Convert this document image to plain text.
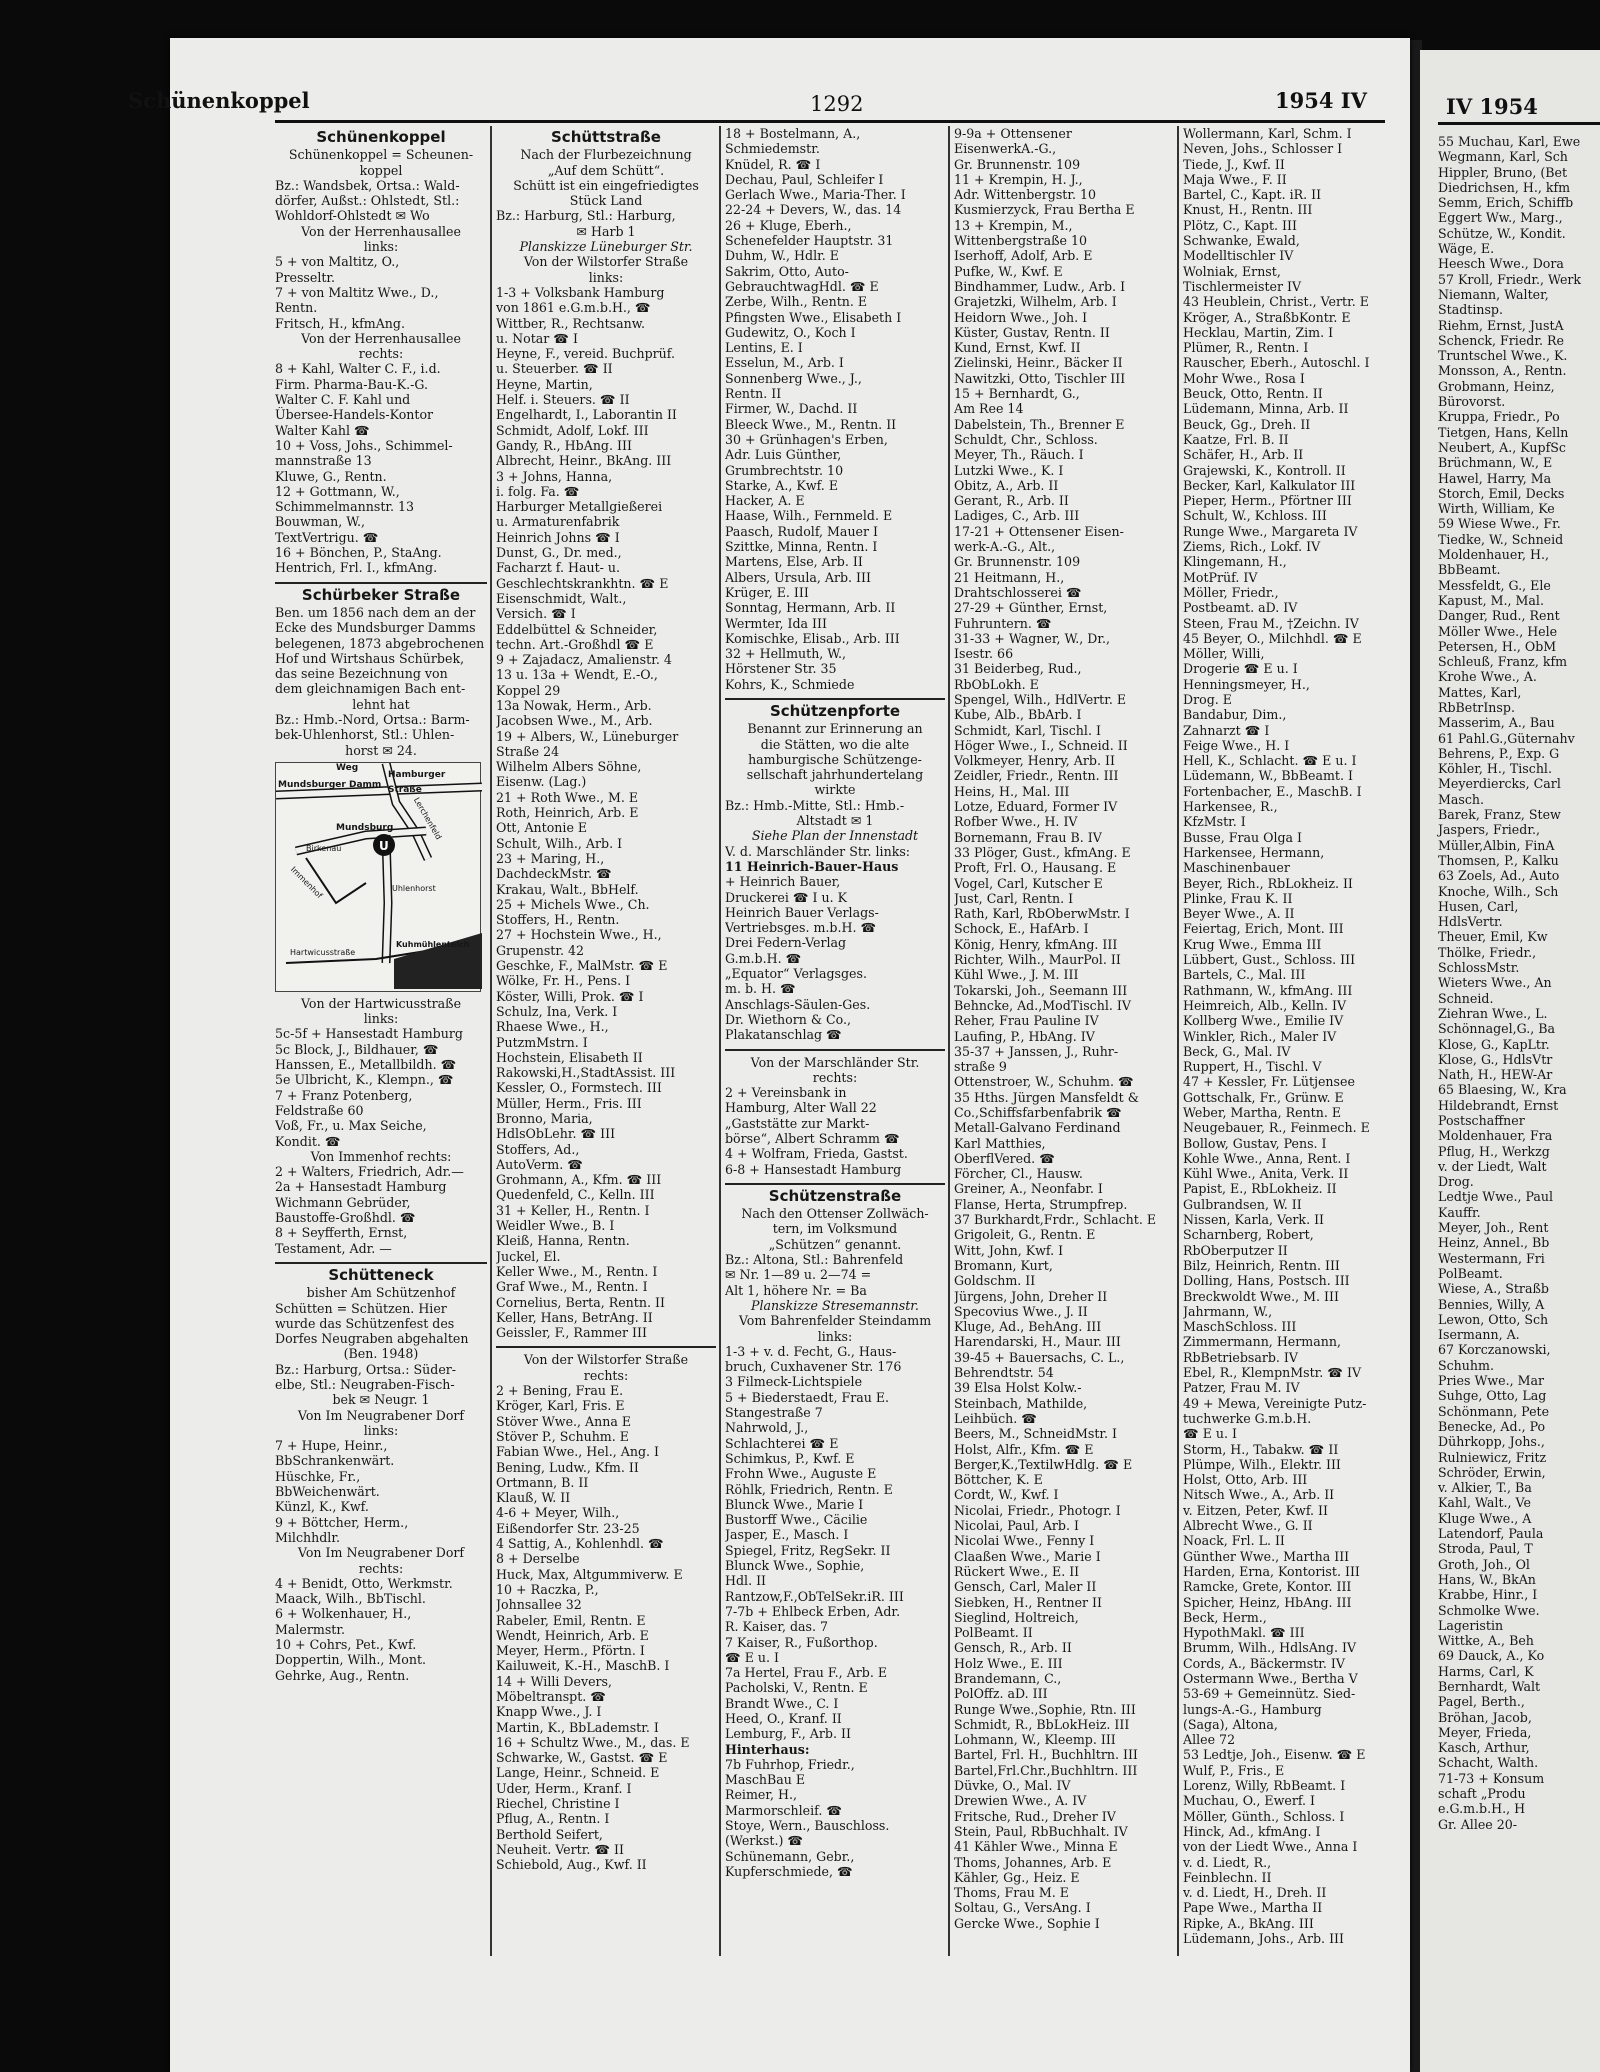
Schünenkoppel	1292	1954 IV
Schünenkoppel
Schünenkoppel = Scheunen-
koppel
Bz.: Wandsbek, Ortsa.: Wald-
dörfer, Außst.: Ohlstedt, Stl.:
Wohldorf-Ohlstedt ✉ Wo
Von der Herrenhausallee
links:
5 + von Maltitz, O.,
Presseltr.
7 + von Maltitz Wwe., D.,
Rentn.
Fritsch, H., kfmAng.
Von der Herrenhausallee
rechts:
8 + Kahl, Walter C. F., i.d.
Firm. Pharma-Bau-K.-G.
Walter C. F. Kahl und
Übersee-Handels-Kontor
Walter Kahl ☎
10 + Voss, Johs., Schimmel-
mannstraße 13
Kluwe, G., Rentn.
12 + Gottmann, W.,
Schimmelmannstr. 13
Bouwman, W.,
TextVertrigu. ☎
16 + Bönchen, P., StaAng.
Hentrich, Frl. I., kfmAng.
Schürbeker Straße
Ben. um 1856 nach dem an der
Ecke des Mundsburger Damms
belegenen, 1873 abgebrochenen
Hof und Wirtshaus Schürbek,
das seine Bezeichnung von
dem gleichnamigen Bach ent-
lehnt hat
Bz.: Hmb.-Nord, Ortsa.: Barm-
bek-Uhlenhorst, Stl.: Uhlen-
horst ✉ 24.
U
Mundsburger Damm
Hamburger Straße
Weg
Lerchenfeld
Mundsburg
Birkenau
Immenhof	Uhlenhorst
Hartwicusstraße
Kuhmühlenteich
Von der Hartwicusstraße
links:
5c-5f + Hansestadt Hamburg
5c Block, J., Bildhauer, ☎
Hanssen, E., Metallbildh. ☎
5e Ulbricht, K., Klempn., ☎
7 + Franz Potenberg,
Feldstraße 60
Voß, Fr., u. Max Seiche,
Kondit. ☎
Von Immenhof rechts:
2 + Walters, Friedrich, Adr.—
2a + Hansestadt Hamburg
Wichmann Gebrüder,
Baustoffe-Großhdl. ☎
8 + Seyfferth, Ernst,
Testament, Adr. —
Schütteneck
bisher Am Schützenhof
Schütten = Schützen. Hier
wurde das Schützenfest des
Dorfes Neugraben abgehalten
(Ben. 1948)
Bz.: Harburg, Ortsa.: Süder-
elbe, Stl.: Neugraben-Fisch-
bek ✉ Neugr. 1
Von Im Neugrabener Dorf
links:
7 + Hupe, Heinr.,
BbSchrankenwärt.
Hüschke, Fr.,
BbWeichenwärt.
Künzl, K., Kwf.
9 + Böttcher, Herm.,
Milchhdlr.
Von Im Neugrabener Dorf
rechts:
4 + Benidt, Otto, Werkmstr.
Maack, Wilh., BbTischl.
6 + Wolkenhauer, H.,
Malermstr.
10 + Cohrs, Pet., Kwf.
Doppertin, Wilh., Mont.
Gehrke, Aug., Rentn.
Schüttstraße
Nach der Flurbezeichnung
„Auf dem Schütt“.
Schütt ist ein eingefriedigtes
Stück Land
Bz.: Harburg, Stl.: Harburg,
✉ Harb 1
Planskizze Lüneburger Str.
Von der Wilstorfer Straße
links:
1-3 + Volksbank Hamburg
von 1861 e.G.m.b.H., ☎
Wittber, R., Rechtsanw.
u. Notar ☎ I
Heyne, F., vereid. Buchprüf.
u. Steuerber. ☎ II
Heyne, Martin,
Helf. i. Steuers. ☎ II
Engelhardt, I., Laborantin II
Schmidt, Adolf, Lokf. III
Gandy, R., HbAng. III
Albrecht, Heinr., BkAng. III
3 + Johns, Hanna,
i. folg. Fa. ☎
Harburger Metallgießerei
u. Armaturenfabrik
Heinrich Johns ☎ I
Dunst, G., Dr. med.,
Facharzt f. Haut- u.
Geschlechtskrankhtn. ☎ E
Eisenschmidt, Walt.,
Versich. ☎ I
Eddelbüttel & Schneider,
techn. Art.-Großhdl ☎ E
9 + Zajadacz, Amalienstr. 4
13 u. 13a + Wendt, E.-O.,
Koppel 29
13a Nowak, Herm., Arb.
Jacobsen Wwe., M., Arb.
19 + Albers, W., Lüneburger
Straße 24
Wilhelm Albers Söhne,
Eisenw. (Lag.)
21 + Roth Wwe., M. E
Roth, Heinrich, Arb. E
Ott, Antonie E
Schult, Wilh., Arb. I
23 + Maring, H.,
DachdeckMstr. ☎
Krakau, Walt., BbHelf.
25 + Michels Wwe., Ch.
Stoffers, H., Rentn.
27 + Hochstein Wwe., H.,
Grupenstr. 42
Geschke, F., MalMstr. ☎ E
Wölke, Fr. H., Pens. I
Köster, Willi, Prok. ☎ I
Schulz, Ina, Verk. I
Rhaese Wwe., H.,
PutzmMstrn. I
Hochstein, Elisabeth II
Rakowski,H.,StadtAssist. III
Kessler, O., Formstech. III
Müller, Herm., Fris. III
Bronno, Maria,
HdlsObLehr. ☎ III
Stoffers, Ad.,
AutoVerm. ☎
Grohmann, A., Kfm. ☎ III
Quedenfeld, C., Kelln. III
31 + Keller, H., Rentn. I
Weidler Wwe., B. I
Kleiß, Hanna, Rentn.
Juckel, El.
Keller Wwe., M., Rentn. I
Graf Wwe., M., Rentn. I
Cornelius, Berta, Rentn. II
Keller, Hans, BetrAng. II
Geissler, F., Rammer III
Von der Wilstorfer Straße
rechts:
2 + Bening, Frau E.
Kröger, Karl, Fris. E
Stöver Wwe., Anna E
Stöver P., Schuhm. E
Fabian Wwe., Hel., Ang. I
Bening, Ludw., Kfm. II
Ortmann, B. II
Klauß, W. II
4-6 + Meyer, Wilh.,
Eißendorfer Str. 23-25
4 Sattig, A., Kohlenhdl. ☎
8 + Derselbe
Huck, Max, Altgummiverw. E
10 + Raczka, P.,
Johnsallee 32
Rabeler, Emil, Rentn. E
Wendt, Heinrich, Arb. E
Meyer, Herm., Pförtn. I
Kailuweit, K.-H., MaschB. I
14 + Willi Devers,
Möbeltranspt. ☎
Knapp Wwe., J. I
Martin, K., BbLademstr. I
16 + Schultz Wwe., M., das. E
Schwarke, W., Gastst. ☎ E
Lange, Heinr., Schneid. E
Uder, Herm., Kranf. I
Riechel, Christine I
Pflug, A., Rentn. I
Berthold Seifert,
Neuheit. Vertr. ☎ II
Schiebold, Aug., Kwf. II
18 + Bostelmann, A.,
Schmiedemstr.
Knüdel, R. ☎ I
Dechau, Paul, Schleifer I
Gerlach Wwe., Maria-Ther. I
22-24 + Devers, W., das. 14
26 + Kluge, Eberh.,
Schenefelder Hauptstr. 31
Duhm, W., Hdlr. E
Sakrim, Otto, Auto-
GebrauchtwagHdl. ☎ E
Zerbe, Wilh., Rentn. E
Pfingsten Wwe., Elisabeth I
Gudewitz, O., Koch I
Lentins, E. I
Esselun, M., Arb. I
Sonnenberg Wwe., J.,
Rentn. II
Firmer, W., Dachd. II
Bleeck Wwe., M., Rentn. II
30 + Grünhagen's Erben,
Adr. Luis Günther,
Grumbrechtstr. 10
Starke, A., Kwf. E
Hacker, A. E
Haase, Wilh., Fernmeld. E
Paasch, Rudolf, Mauer I
Szittke, Minna, Rentn. I
Martens, Else, Arb. II
Albers, Ursula, Arb. III
Krüger, E. III
Sonntag, Hermann, Arb. II
Wermter, Ida III
Komischke, Elisab., Arb. III
32 + Hellmuth, W.,
Hörstener Str. 35
Kohrs, K., Schmiede
Schützenpforte
Benannt zur Erinnerung an
die Stätten, wo die alte
hamburgische Schützenge-
sellschaft jahrhundertelang
wirkte
Bz.: Hmb.-Mitte, Stl.: Hmb.-
Altstadt ✉ 1
Siehe Plan der Innenstadt
V. d. Marschländer Str. links:
11 Heinrich-Bauer-Haus
+ Heinrich Bauer,
Druckerei ☎ I u. K
Heinrich Bauer Verlags-
Vertriebsges. m.b.H. ☎
Drei Federn-Verlag
G.m.b.H. ☎
„Equator“ Verlagsges.
m. b. H. ☎
Anschlags-Säulen-Ges.
Dr. Wiethorn & Co.,
Plakatanschlag ☎
Von der Marschländer Str.
rechts:
2 + Vereinsbank in
Hamburg, Alter Wall 22
„Gaststätte zur Markt-
börse“, Albert Schramm ☎
4 + Wolfram, Frieda, Gastst.
6-8 + Hansestadt Hamburg
Schützenstraße
Nach den Ottenser Zollwäch-
tern, im Volksmund
„Schützen“ genannt.
Bz.: Altona, Stl.: Bahrenfeld
✉ Nr. 1—89 u. 2—74 =
Alt 1, höhere Nr. = Ba
Planskizze Stresemannstr.
Vom Bahrenfelder Steindamm
links:
1-3 + v. d. Fecht, G., Haus-
bruch, Cuxhavener Str. 176
3 Filmeck-Lichtspiele
5 + Biederstaedt, Frau E.
Stangestraße 7
Nahrwold, J.,
Schlachterei ☎ E
Schimkus, P., Kwf. E
Frohn Wwe., Auguste E
Röhlk, Friedrich, Rentn. E
Blunck Wwe., Marie I
Bustorff Wwe., Cäcilie
Jasper, E., Masch. I
Spiegel, Fritz, RegSekr. II
Blunck Wwe., Sophie,
Hdl. II
Rantzow,F.,ObTelSekr.iR. III
7-7b + Ehlbeck Erben, Adr.
R. Kaiser, das. 7
7 Kaiser, R., Fußorthop.
☎ E u. I
7a Hertel, Frau F., Arb. E
Pacholski, V., Rentn. E
Brandt Wwe., C. I
Heed, O., Kranf. II
Lemburg, F., Arb. II
Hinterhaus:
7b Fuhrhop, Friedr.,
MaschBau E
Reimer, H.,
Marmorschleif. ☎
Stoye, Wern., Bauschloss.
(Werkst.) ☎
Schünemann, Gebr.,
Kupferschmiede, ☎
9-9a + Ottensener
EisenwerkA.-G.,
Gr. Brunnenstr. 109
11 + Krempin, H. J.,
Adr. Wittenbergstr. 10
Kusmierzyck, Frau Bertha E
13 + Krempin, M.,
Wittenbergstraße 10
Iserhoff, Adolf, Arb. E
Pufke, W., Kwf. E
Bindhammer, Ludw., Arb. I
Grajetzki, Wilhelm, Arb. I
Heidorn Wwe., Joh. I
Küster, Gustav, Rentn. II
Kund, Ernst, Kwf. II
Zielinski, Heinr., Bäcker II
Nawitzki, Otto, Tischler III
15 + Bernhardt, G.,
Am Ree 14
Dabelstein, Th., Brenner E
Schuldt, Chr., Schloss.
Meyer, Th., Räuch. I
Lutzki Wwe., K. I
Obitz, A., Arb. II
Gerant, R., Arb. II
Ladiges, C., Arb. III
17-21 + Ottensener Eisen-
werk-A.-G., Alt.,
Gr. Brunnenstr. 109
21 Heitmann, H.,
Drahtschlosserei ☎
27-29 + Günther, Ernst,
Fuhruntern. ☎
31-33 + Wagner, W., Dr.,
Isestr. 66
31 Beiderbeg, Rud.,
RbObLokh. E
Spengel, Wilh., HdlVertr. E
Kube, Alb., BbArb. I
Schmidt, Karl, Tischl. I
Höger Wwe., I., Schneid. II
Volkmeyer, Henry, Arb. II
Zeidler, Friedr., Rentn. III
Heins, H., Mal. III
Lotze, Eduard, Former IV
Rofber Wwe., H. IV
Bornemann, Frau B. IV
33 Plöger, Gust., kfmAng. E
Proft, Frl. O., Hausang. E
Vogel, Carl, Kutscher E
Just, Carl, Rentn. I
Rath, Karl, RbOberwMstr. I
Schock, E., HafArb. I
König, Henry, kfmAng. III
Richter, Wilh., MaurPol. II
Kühl Wwe., J. M. III
Tokarski, Joh., Seemann III
Behncke, Ad.,ModTischl. IV
Reher, Frau Pauline IV
Laufing, P., HbAng. IV
35-37 + Janssen, J., Ruhr-
straße 9
Ottenstroer, W., Schuhm. ☎
35 Hths. Jürgen Mansfeldt &
Co.,Schiffsfarbenfabrik ☎
Metall-Galvano Ferdinand
Karl Matthies,
OberflVered. ☎
Förcher, Cl., Hausw.
Greiner, A., Neonfabr. I
Flanse, Herta, Strumpfrep.
37 Burkhardt,Frdr., Schlacht. E
Grigoleit, G., Rentn. E
Witt, John, Kwf. I
Bromann, Kurt,
Goldschm. II
Jürgens, John, Dreher II
Specovius Wwe., J. II
Kluge, Ad., BehAng. III
Harendarski, H., Maur. III
39-45 + Bauersachs, C. L.,
Behrendtstr. 54
39 Elsa Holst Kolw.-
Steinbach, Mathilde,
Leihbüch. ☎
Beers, M., SchneidMstr. I
Holst, Alfr., Kfm. ☎ E
Berger,K.,TextilwHdlg. ☎ E
Böttcher, K. E
Cordt, W., Kwf. I
Nicolai, Friedr., Photogr. I
Nicolai, Paul, Arb. I
Nicolai Wwe., Fenny I
Claaßen Wwe., Marie I
Rückert Wwe., E. II
Gensch, Carl, Maler II
Siebken, H., Rentner II
Sieglind, Holtreich,
PolBeamt. II
Gensch, R., Arb. II
Holz Wwe., E. III
Brandemann, C.,
PolOffz. aD. III
Runge Wwe.,Sophie, Rtn. III
Schmidt, R., BbLokHeiz. III
Lohmann, W., Kleemp. III
Bartel, Frl. H., Buchhltrn. III
Bartel,Frl.Chr.,Buchhltrn. III
Düvke, O., Mal. IV
Drewien Wwe., A. IV
Fritsche, Rud., Dreher IV
Stein, Paul, RbBuchhalt. IV
41 Kähler Wwe., Minna E
Thoms, Johannes, Arb. E
Kähler, Gg., Heiz. E
Thoms, Frau M. E
Soltau, G., VersAng. I
Gercke Wwe., Sophie I
Wollermann, Karl, Schm. I
Neven, Johs., Schlosser I
Tiede, J., Kwf. II
Maja Wwe., F. II
Bartel, C., Kapt. iR. II
Knust, H., Rentn. III
Plötz, C., Kapt. III
Schwanke, Ewald,
Modelltischler IV
Wolniak, Ernst,
Tischlermeister IV
43 Heublein, Christ., Vertr. E
Kröger, A., StraßbKontr. E
Hecklau, Martin, Zim. I
Plümer, R., Rentn. I
Rauscher, Eberh., Autoschl. I
Mohr Wwe., Rosa I
Beuck, Otto, Rentn. II
Lüdemann, Minna, Arb. II
Beuck, Gg., Dreh. II
Kaatze, Frl. B. II
Schäfer, H., Arb. II
Grajewski, K., Kontroll. II
Becker, Karl, Kalkulator III
Pieper, Herm., Pförtner III
Schult, W., Kchloss. III
Runge Wwe., Margareta IV
Ziems, Rich., Lokf. IV
Klingemann, H.,
MotPrüf. IV
Möller, Friedr.,
Postbeamt. aD. IV
Steen, Frau M., †Zeichn. IV
45 Beyer, O., Milchhdl. ☎ E
Möller, Willi,
Drogerie ☎ E u. I
Henningsmeyer, H.,
Drog. E
Bandabur, Dim.,
Zahnarzt ☎ I
Feige Wwe., H. I
Hell, K., Schlacht. ☎ E u. I
Lüdemann, W., BbBeamt. I
Fortenbacher, E., MaschB. I
Harkensee, R.,
KfzMstr. I
Busse, Frau Olga I
Harkensee, Hermann,
Maschinenbauer
Beyer, Rich., RbLokheiz. II
Plinke, Frau K. II
Beyer Wwe., A. II
Feiertag, Erich, Mont. III
Krug Wwe., Emma III
Lübbert, Gust., Schloss. III
Bartels, C., Mal. III
Rathmann, W., kfmAng. III
Heimreich, Alb., Kelln. IV
Kollberg Wwe., Emilie IV
Winkler, Rich., Maler IV
Beck, G., Mal. IV
Ruppert, H., Tischl. V
47 + Kessler, Fr. Lütjensee
Gottschalk, Fr., Grünw. E
Weber, Martha, Rentn. E
Neugebauer, R., Feinmech. E
Bollow, Gustav, Pens. I
Kohle Wwe., Anna, Rent. I
Kühl Wwe., Anita, Verk. II
Papist, E., RbLokheiz. II
Gulbrandsen, W. II
Nissen, Karla, Verk. II
Scharnberg, Robert,
RbOberputzer II
Bilz, Heinrich, Rentn. III
Dolling, Hans, Postsch. III
Breckwoldt Wwe., M. III
Jahrmann, W.,
MaschSchloss. III
Zimmermann, Hermann,
RbBetriebsarb. IV
Ebel, R., KlempnMstr. ☎ IV
Patzer, Frau M. IV
49 + Mewa, Vereinigte Putz-
tuchwerke G.m.b.H.
☎ E u. I
Storm, H., Tabakw. ☎ II
Plümpe, Wilh., Elektr. III
Holst, Otto, Arb. III
Nitsch Wwe., A., Arb. II
v. Eitzen, Peter, Kwf. II
Albrecht Wwe., G. II
Noack, Frl. L. II
Günther Wwe., Martha III
Harden, Erna, Kontorist. III
Ramcke, Grete, Kontor. III
Spicher, Heinz, HbAng. III
Beck, Herm.,
HypothMakl. ☎ III
Brumm, Wilh., HdlsAng. IV
Cords, A., Bäckermstr. IV
Ostermann Wwe., Bertha V
53-69 + Gemeinnütz. Sied-
lungs-A.-G., Hamburg
(Saga), Altona,
Allee 72
53 Ledtje, Joh., Eisenw. ☎ E
Wulf, P., Fris., E
Lorenz, Willy, RbBeamt. I
Muchau, O., Ewerf. I
Möller, Günth., Schloss. I
Hinck, Ad., kfmAng. I
von der Liedt Wwe., Anna I
v. d. Liedt, R.,
Feinblechn. II
v. d. Liedt, H., Dreh. II
Pape Wwe., Martha II
Ripke, A., BkAng. III
Lüdemann, Johs., Arb. III
IV 1954
55 Muchau, Karl, Ewe
Wegmann, Karl, Sch
Hippler, Bruno, (Bet
Diedrichsen, H., kfm
Semm, Erich, Schiffb
Eggert Ww., Marg.,
Schütze, W., Kondit.
Wäge, E.
Heesch Wwe., Dora
57 Kroll, Friedr., Werk
Niemann, Walter,
Stadtinsp.
Riehm, Ernst, JustA
Schenck, Friedr. Re
Truntschel Wwe., K.
Monsson, A., Rentn.
Grobmann, Heinz,
Bürovorst.
Kruppa, Friedr., Po
Tietgen, Hans, Kelln
Neubert, A., KupfSc
Brüchmann, W., E
Hawel, Harry, Ma
Storch, Emil, Decks
Wirth, William, Ke
59 Wiese Wwe., Fr.
Tiedke, W., Schneid
Moldenhauer, H.,
BbBeamt.
Messfeldt, G., Ele
Kapust, M., Mal.
Danger, Rud., Rent
Möller Wwe., Hele
Petersen, H., ObM
Schleuß, Franz, kfm
Krohe Wwe., A.
Mattes, Karl,
RbBetrInsp.
Masserim, A., Bau
61 Pahl.G.,Güternahv
Behrens, P., Exp. G
Köhler, H., Tischl.
Meyerdiercks, Carl
Masch.
Barek, Franz, Stew
Jaspers, Friedr.,
Müller,Albin, FinA
Thomsen, P., Kalku
63 Zoels, Ad., Auto
Knoche, Wilh., Sch
Husen, Carl,
HdlsVertr.
Theuer, Emil, Kw
Thölke, Friedr.,
SchlossMstr.
Wieters Wwe., An
Schneid.
Ziehran Wwe., L.
Schönnagel,G., Ba
Klose, G., KapLtr.
Klose, G., HdlsVtr
Nath, H., HEW-Ar
65 Blaesing, W., Kra
Hildebrandt, Ernst
Postschaffner
Moldenhauer, Fra
Pflug, H., Werkzg
v. der Liedt, Walt
Drog.
Ledtje Wwe., Paul
Kauffr.
Meyer, Joh., Rent
Heinz, Annel., Bb
Westermann, Fri
PolBeamt.
Wiese, A., Straßb
Bennies, Willy, A
Lewon, Otto, Sch
Isermann, A.
67 Korczanowski,
Schuhm.
Pries Wwe., Mar
Suhge, Otto, Lag
Schönmann, Pete
Benecke, Ad., Po
Dührkopp, Johs.,
Rulniewicz, Fritz
Schröder, Erwin,
v. Alkier, T., Ba
Kahl, Walt., Ve
Kluge Wwe., A
Latendorf, Paula
Stroda, Paul, T
Groth, Joh., Ol
Hans, W., BkAn
Krabbe, Hinr., I
Schmolke Wwe.
Lageristin
Wittke, A., Beh
69 Dauck, A., Ko
Harms, Carl, K
Bernhardt, Walt
Pagel, Berth.,
Bröhan, Jacob,
Meyer, Frieda,
Kasch, Arthur,
Schacht, Walth.
71-73 + Konsum
schaft „Produ
e.G.m.b.H., H
Gr. Allee 20-
